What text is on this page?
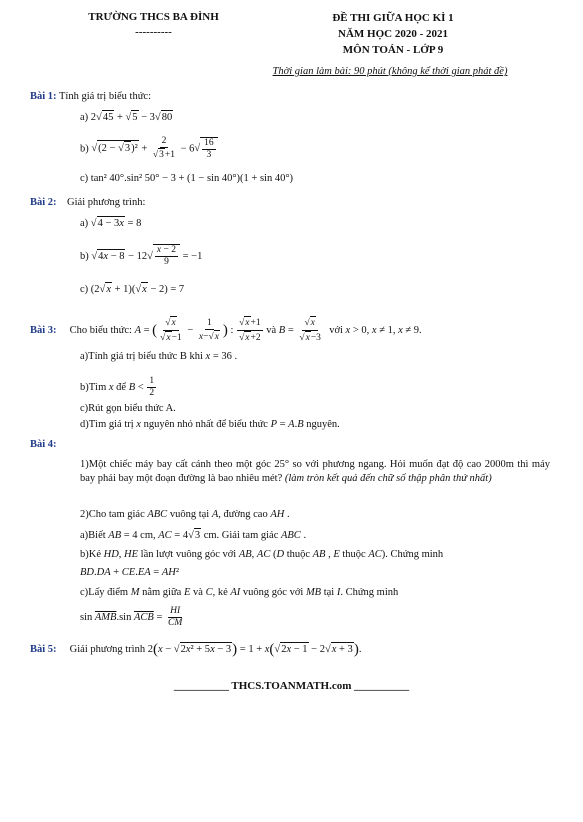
TRƯỜNG THCS BA ĐÌNH
----------
ĐỀ THI GIỮA HỌC KÌ 1
NĂM HỌC 2020 - 2021
MÔN TOÁN - LỚP 9
Thời gian làm bài: 90 phút (không kể thời gian phát đề)
Bài 1: Tính giá trị biểu thức:
a) 2 √ 45 + √ 5 − 3 √ 80
b) √ (2 − √ 3)² + 2
√ $3+1 - 6√ \frac{16}{3}$
c) tan² 40°.sin² 50° − 3 + (1 − sin 40°)(1 + sin 40°)
Bài 2: Giải phương trình:
a) √ 4 − 3x = 8
b) √ $4x - 8 - 12√ \frac{x - 2}{9} = -1$
c) (2 √ x + 1)( √ x − 2) = 7
Bài 3: Cho biểu thức: A = ( √ x
√ $x-1 - \frac{1}{x- √ x}$ ) : √ x+1
√ x+2 và B = √ x
√ x−3 với x > 0, x ≠ 1, x ≠ 9.
a)Tính giá trị biểu thức B khi x = 36 .
b)Tìm x để $B < \frac{1}{2}$
c)Rút gọn biểu thức A.
d)Tìm giá trị x nguyên nhỏ nhất để biểu thức P = A.B nguyên.
Bài 4:
1)Một chiếc máy bay cất cánh theo một góc 25° so với phương ngang. Hỏi muốn đạt độ cao 2000m thì máy bay phải bay một đoạn đường là bao nhiêu mét? (làm tròn kết quả đến chữ số thập phân thứ nhất)
2)Cho tam giác ABC vuông tại A, đường cao AH .
a)Biết AB = 4 cm, AC = 4 √ 3 cm. Giải tam giác ABC .
b)Kẻ HD, HE lần lượt vuông góc với AB, AC (D thuộc AB , E thuộc AC). Chứng minh
BD.DA + CE.EA = AH²
c)Lấy điểm M nằm giữa E và C, kẻ AI vuông góc với MB tại I. Chứng minh
$\sin \overline{AMB}.\sin$ $\overline{ACB} = \frac{HI}{CM}$
Bài 5: Giải phương trình 2(x − √ 2x² + 5x − 3) = 1 + x( √ 2x − 1 − 2 √ x + 3).
__________ THCS.TOANMATH.com __________
